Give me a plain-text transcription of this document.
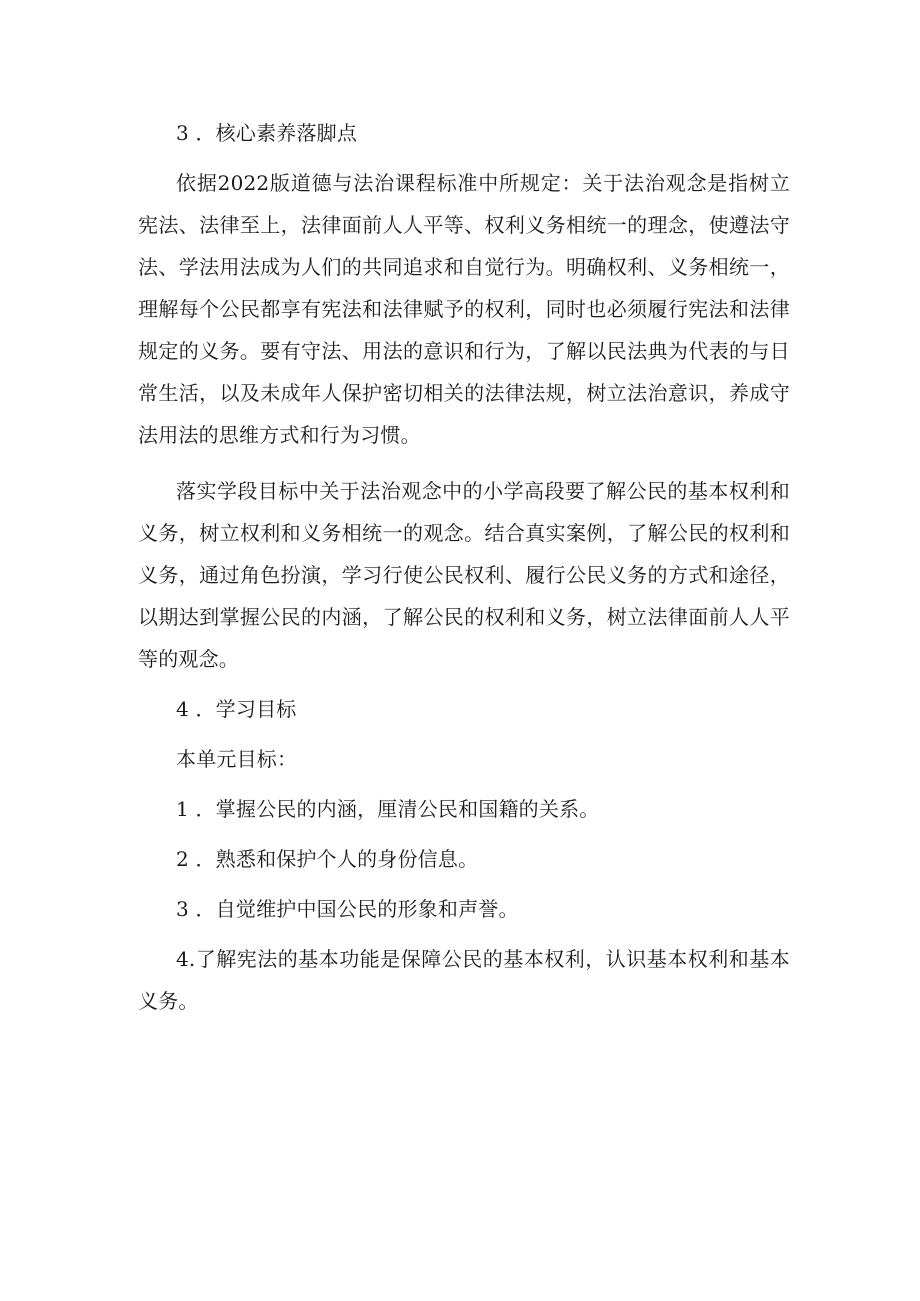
3 ．核心素养落脚点

依据2022版道德与法治课程标准中所规定：关于法治观念是指树立宪法、法律至上，法律面前人人平等、权利义务相统一的理念，使遵法守法、学法用法成为人们的共同追求和自觉行为。明确权利、义务相统一，理解每个公民都享有宪法和法律赋予的权利，同时也必须履行宪法和法律规定的义务。要有守法、用法的意识和行为，了解以民法典为代表的与日常生活，以及未成年人保护密切相关的法律法规，树立法治意识，养成守法用法的思维方式和行为习惯。

落实学段目标中关于法治观念中的小学高段要了解公民的基本权利和义务，树立权利和义务相统一的观念。结合真实案例，了解公民的权利和义务，通过角色扮演，学习行使公民权利、履行公民义务的方式和途径，以期达到掌握公民的内涵，了解公民的权利和义务，树立法律面前人人平等的观念。

4 ．学习目标

本单元目标：

1 ．掌握公民的内涵，厘清公民和国籍的关系。

2 ．熟悉和保护个人的身份信息。

3 ．自觉维护中国公民的形象和声誉。

4.了解宪法的基本功能是保障公民的基本权利，认识基本权利和基本义务。
